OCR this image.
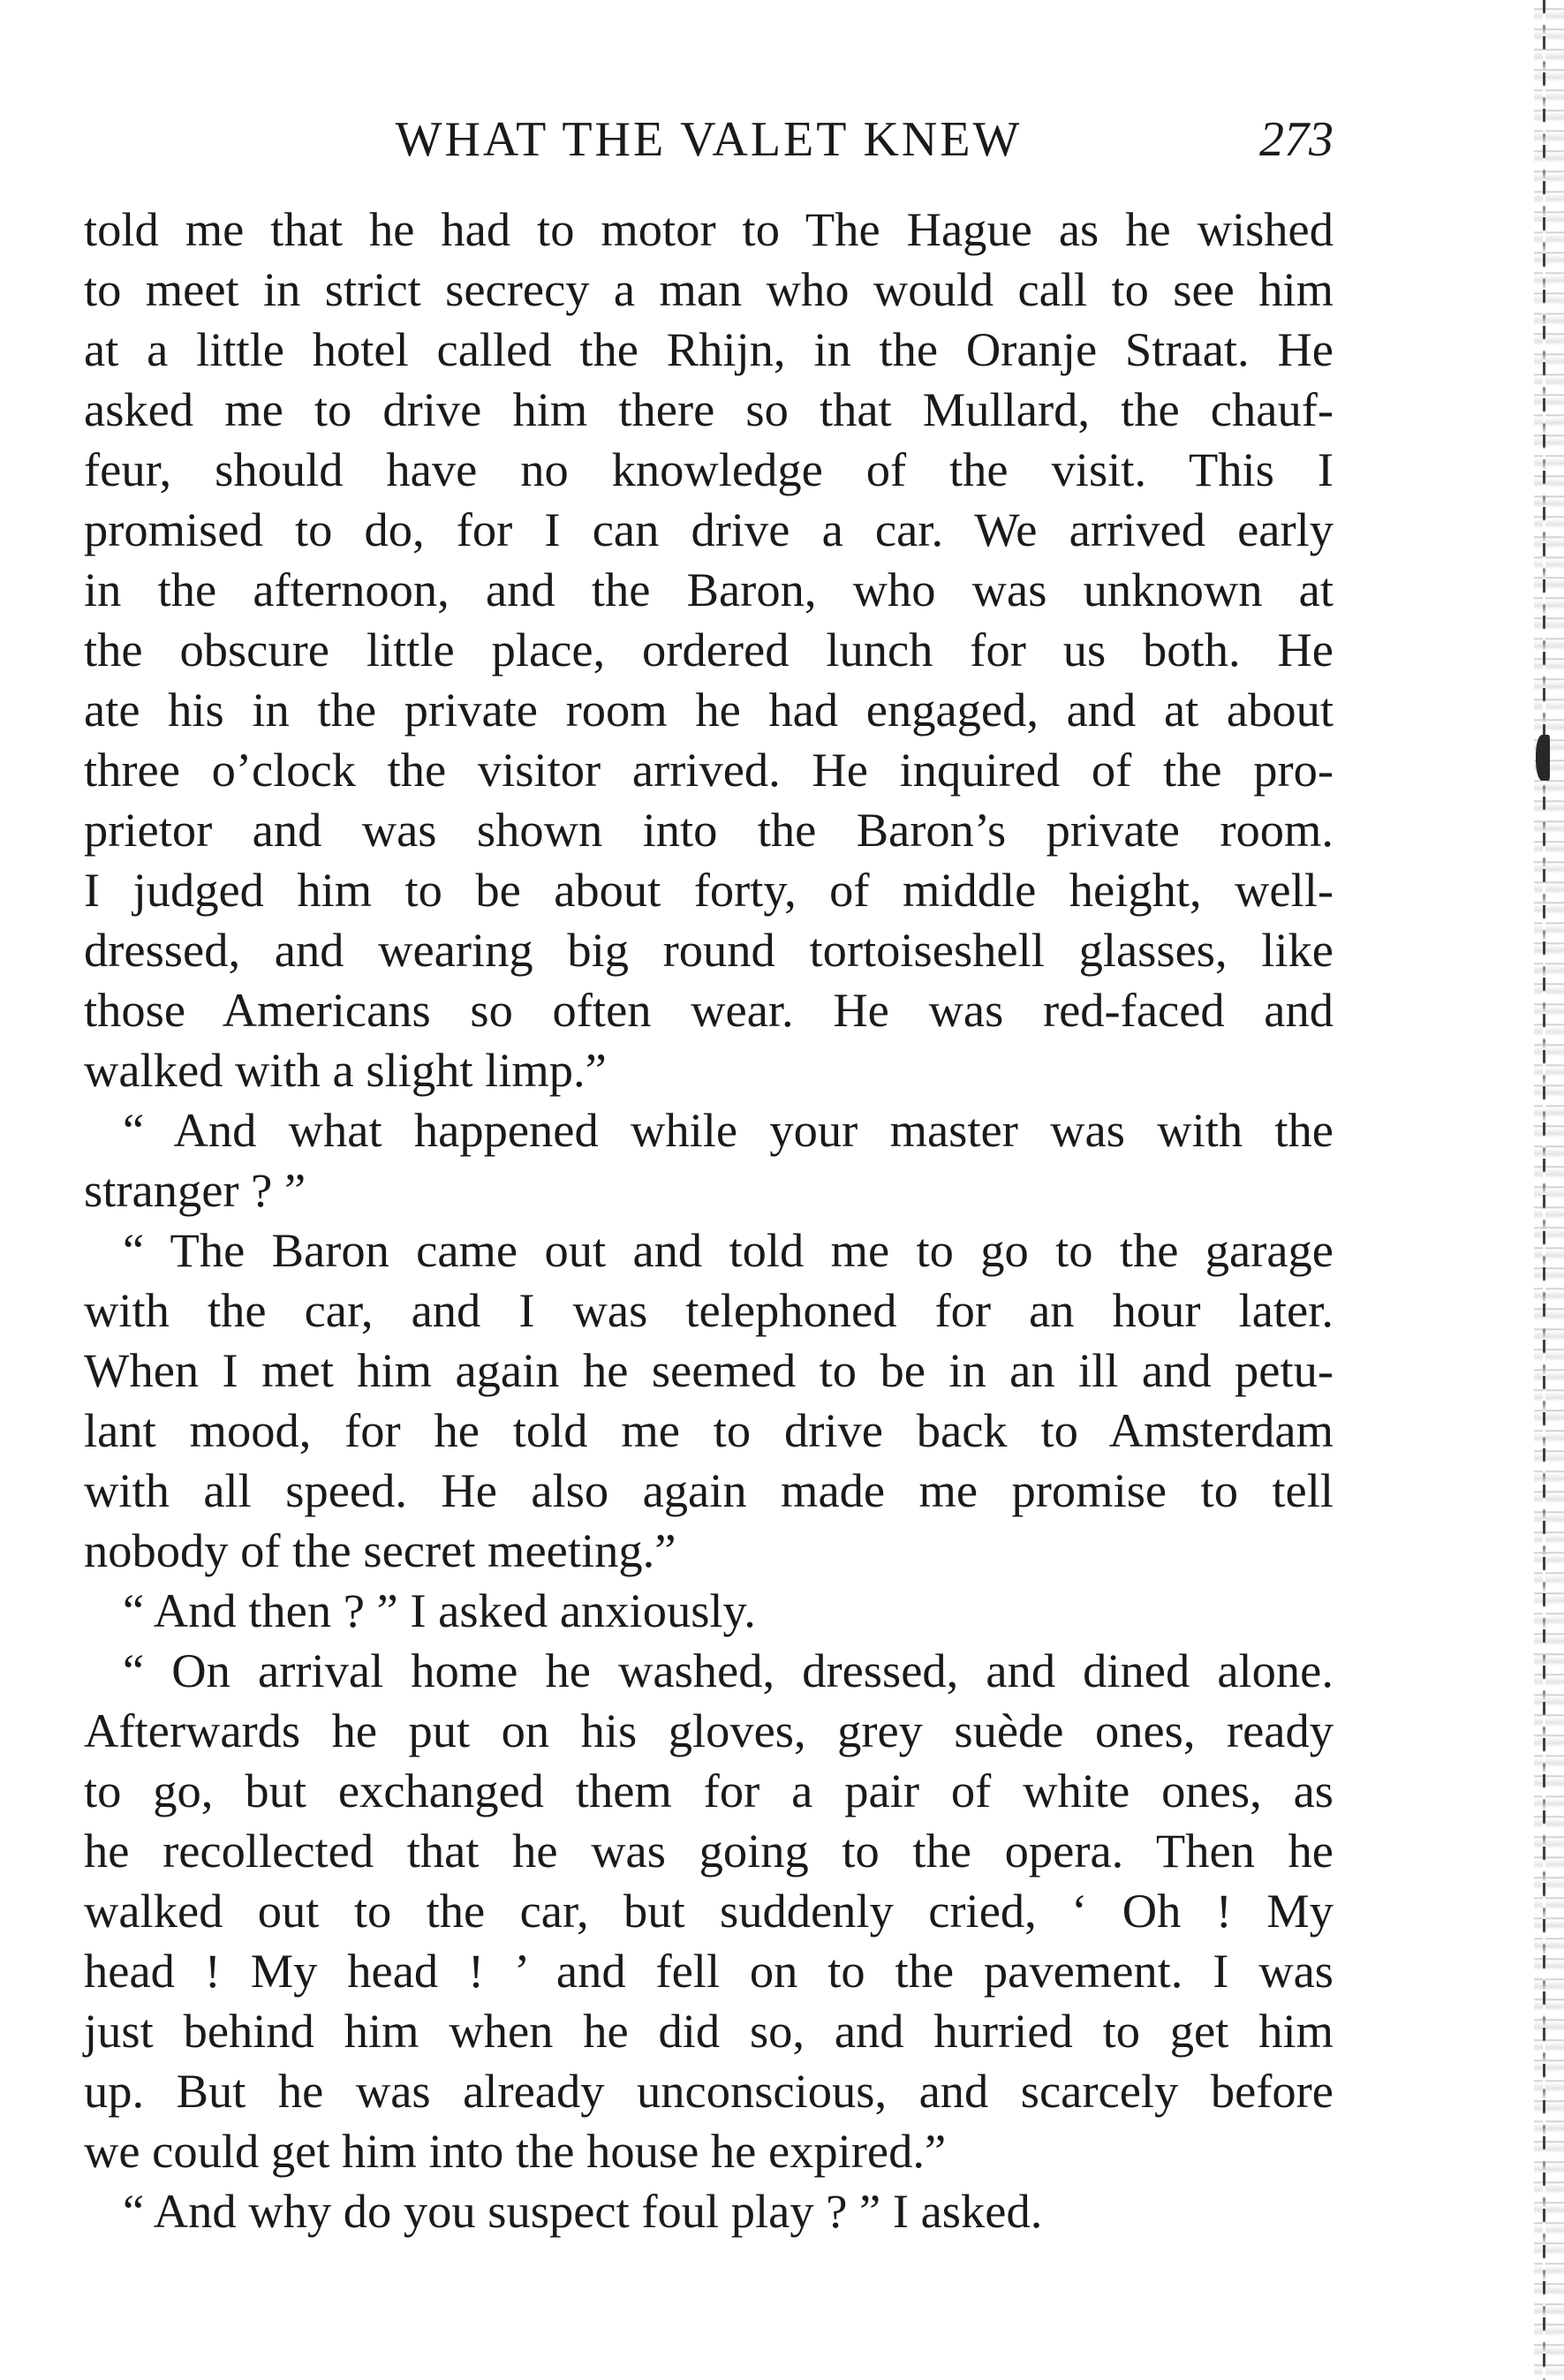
WHAT THE VALET KNEW	273
told me that he had to motor to The Hague as he wished
to meet in strict secrecy a man who would call to see him
at a little hotel called the Rhijn, in the Oranje Straat. He
asked me to drive him there so that Mullard, the chauf-
feur, should have no knowledge of the visit. This I
promised to do, for I can drive a car. We arrived early
in the afternoon, and the Baron, who was unknown at
the obscure little place, ordered lunch for us both. He
ate his in the private room he had engaged, and at about
three o’clock the visitor arrived. He inquired of the pro-
prietor and was shown into the Baron’s private room.
I judged him to be about forty, of middle height, well-
dressed, and wearing big round tortoiseshell glasses, like
those Americans so often wear. He was red-faced and
walked with a slight limp.”
“ And what happened while your master was with the
stranger ? ”
“ The Baron came out and told me to go to the garage
with the car, and I was telephoned for an hour later.
When I met him again he seemed to be in an ill and petu-
lant mood, for he told me to drive back to Amsterdam
with all speed. He also again made me promise to tell
nobody of the secret meeting.”
“ And then ? ” I asked anxiously.
“ On arrival home he washed, dressed, and dined alone.
Afterwards he put on his gloves, grey suède ones, ready
to go, but exchanged them for a pair of white ones, as
he recollected that he was going to the opera. Then he
walked out to the car, but suddenly cried, ‘ Oh ! My
head ! My head ! ’ and fell on to the pavement. I was
just behind him when he did so, and hurried to get him
up. But he was already unconscious, and scarcely before
we could get him into the house he expired.”
“ And why do you suspect foul play ? ” I asked.
